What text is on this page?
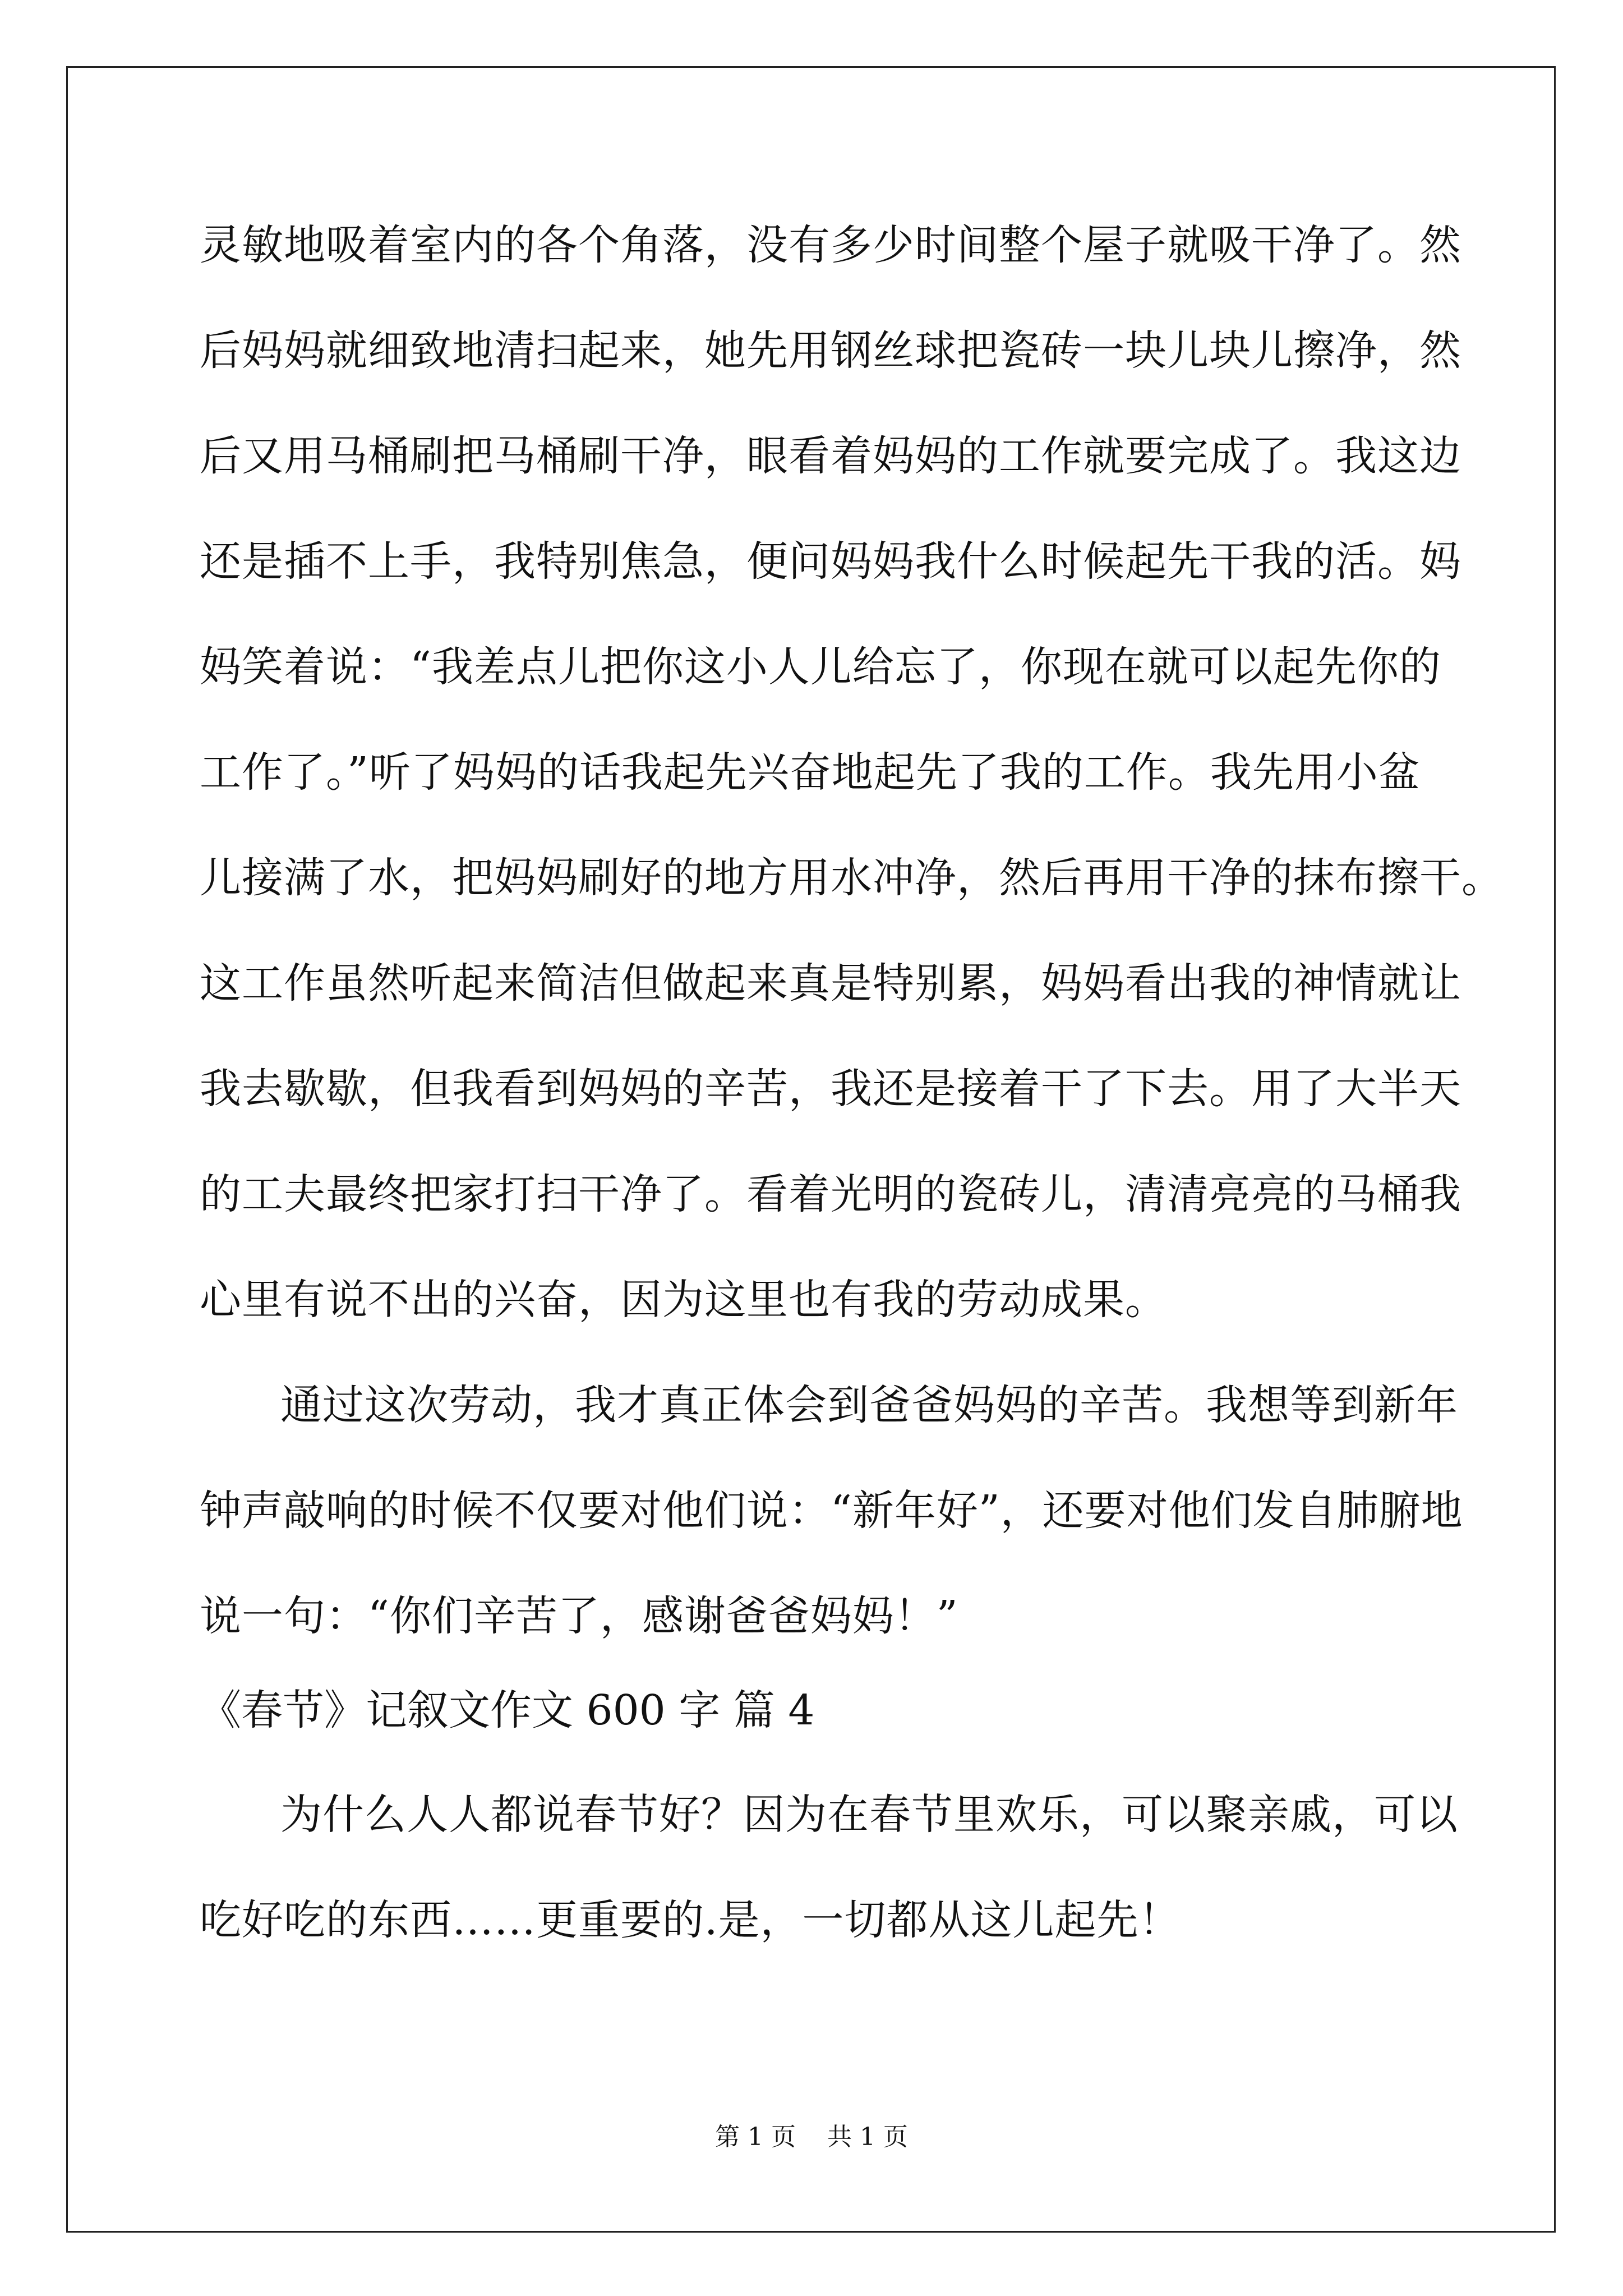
灵敏地吸着室内的各个角落，没有多少时间整个屋子就吸干净了。然
后妈妈就细致地清扫起来，她先用钢丝球把瓷砖一块儿块儿擦净，然
后又用马桶刷把马桶刷干净，眼看着妈妈的工作就要完成了。我这边
还是插不上手，我特别焦急，便问妈妈我什么时候起先干我的活。妈
妈笑着说：“我差点儿把你这小人儿给忘了，你现在就可以起先你的
工作了。”听了妈妈的话我起先兴奋地起先了我的工作。我先用小盆
儿接满了水，把妈妈刷好的地方用水冲净，然后再用干净的抹布擦干。
这工作虽然听起来简洁但做起来真是特别累，妈妈看出我的神情就让
我去歇歇，但我看到妈妈的辛苦，我还是接着干了下去。用了大半天
的工夫最终把家打扫干净了。看着光明的瓷砖儿，清清亮亮的马桶我
心里有说不出的兴奋，因为这里也有我的劳动成果。
通过这次劳动，我才真正体会到爸爸妈妈的辛苦。我想等到新年
钟声敲响的时候不仅要对他们说：“新年好”，还要对他们发自肺腑地
说一句：“你们辛苦了，感谢爸爸妈妈！”
《春节》记叙文作文 600 字 篇 4
为什么人人都说春节好？因为在春节里欢乐，可以聚亲戚，可以
吃好吃的东西……更重要的.是，一切都从这儿起先！
第 1 页    共 1 页
